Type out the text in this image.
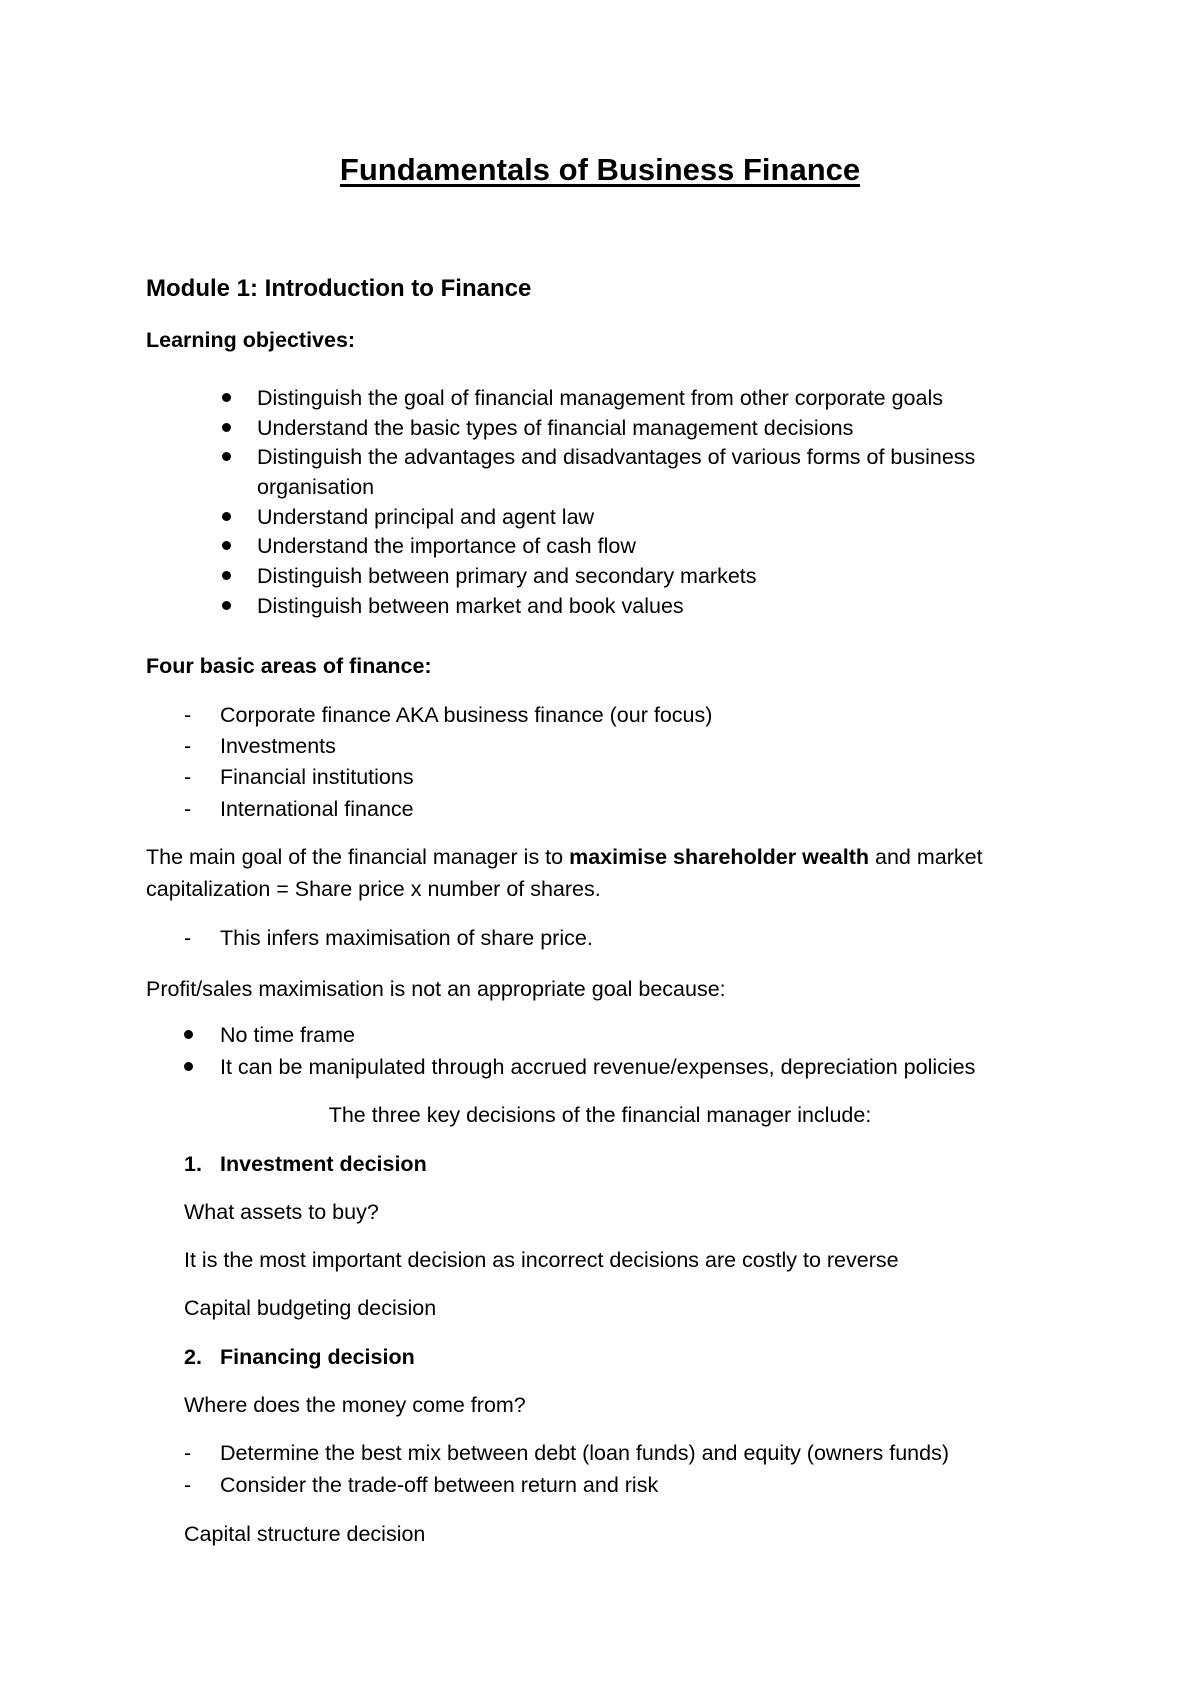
Fundamentals of Business Finance
Module 1: Introduction to Finance
Learning objectives:
Distinguish the goal of financial management from other corporate goals
Understand the basic types of financial management decisions
Distinguish the advantages and disadvantages of various forms of business
organisation
Understand principal and agent law
Understand the importance of cash flow
Distinguish between primary and secondary markets
Distinguish between market and book values
Four basic areas of finance:
- Corporate finance AKA business finance (our focus)
- Investments
- Financial institutions
- International finance
The main goal of the financial manager is to maximise shareholder wealth and market
capitalization = Share price x number of shares.
- This infers maximisation of share price.
Profit/sales maximisation is not an appropriate goal because:
No time frame
It can be manipulated through accrued revenue/expenses, depreciation policies
The three key decisions of the financial manager include:
1. Investment decision
What assets to buy?
It is the most important decision as incorrect decisions are costly to reverse
Capital budgeting decision
2. Financing decision
Where does the money come from?
- Determine the best mix between debt (loan funds) and equity (owners funds)
- Consider the trade-off between return and risk
Capital structure decision
